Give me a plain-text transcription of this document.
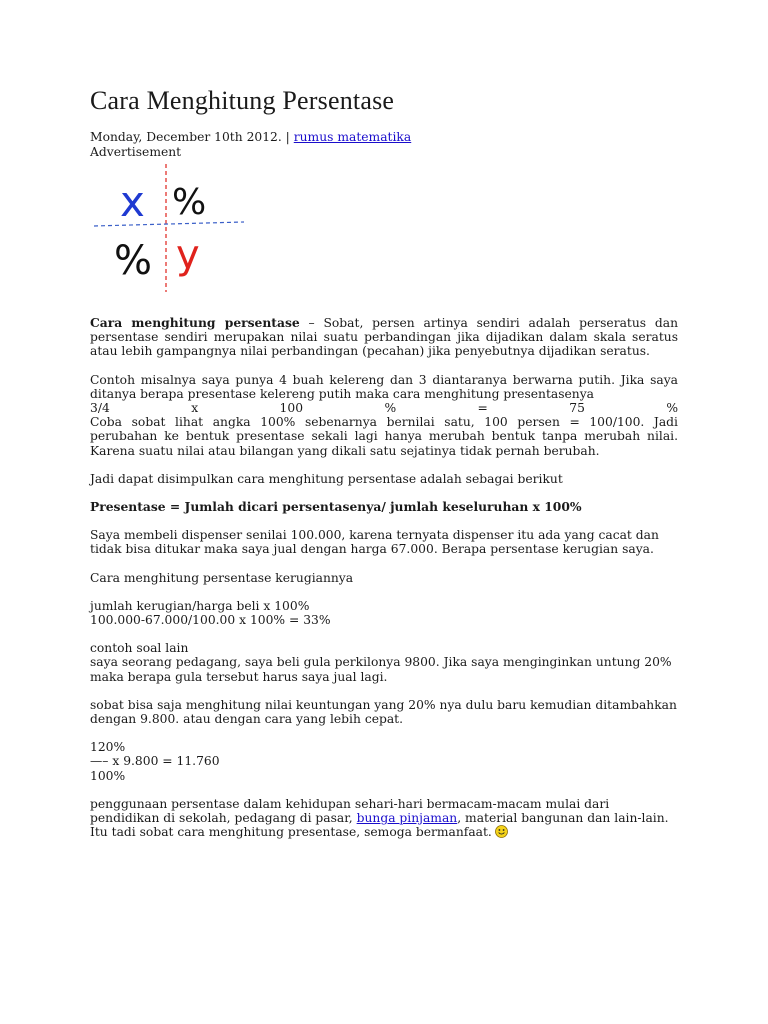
Cara Menghitung Persentase
Monday, December 10th 2012. | rumus matematika
Advertisement
x %
% y

Cara menghitung persentase – Sobat, persen artinya sendiri adalah perseratus dan persentase sendiri merupakan nilai suatu perbandingan jika dijadikan dalam skala seratus atau lebih gampangnya nilai perbandingan (pecahan) jika penyebutnya dijadikan seratus.

Contoh misalnya saya punya 4 buah kelereng dan 3 diantaranya berwarna putih. Jika saya ditanya berapa presentase kelereng putih maka cara menghitung presentasenya
3/4	x	100	%	=	75	%
Coba sobat lihat angka 100% sebenarnya bernilai satu, 100 persen = 100/100. Jadi perubahan ke bentuk presentase sekali lagi hanya merubah bentuk tanpa merubah nilai. Karena suatu nilai atau bilangan yang dikali satu sejatinya tidak pernah berubah.

Jadi dapat disimpulkan cara menghitung persentase adalah sebagai berikut

Presentase = Jumlah dicari persentasenya/ jumlah keseluruhan x 100%

Saya membeli dispenser senilai 100.000, karena ternyata dispenser itu ada yang cacat dan tidak bisa ditukar maka saya jual dengan harga 67.000. Berapa persentase kerugian saya.

Cara menghitung persentase kerugiannya

jumlah kerugian/harga beli x 100%
100.000-67.000/100.00 x 100% = 33%
contoh soal lain
saya seorang pedagang, saya beli gula perkilonya 9800. Jika saya menginginkan untung 20% maka berapa gula tersebut harus saya jual lagi.

sobat bisa saja menghitung nilai keuntungan yang 20% nya dulu baru kemudian ditambahkan dengan 9.800. atau dengan cara yang lebih cepat.

120%
—– x 9.800 = 11.760
100%

penggunaan persentase dalam kehidupan sehari-hari bermacam-macam mulai dari pendidikan di sekolah, pedagang di pasar, bunga pinjaman, material bangunan dan lain-lain. Itu tadi sobat cara menghitung presentase, semoga bermanfaat.
